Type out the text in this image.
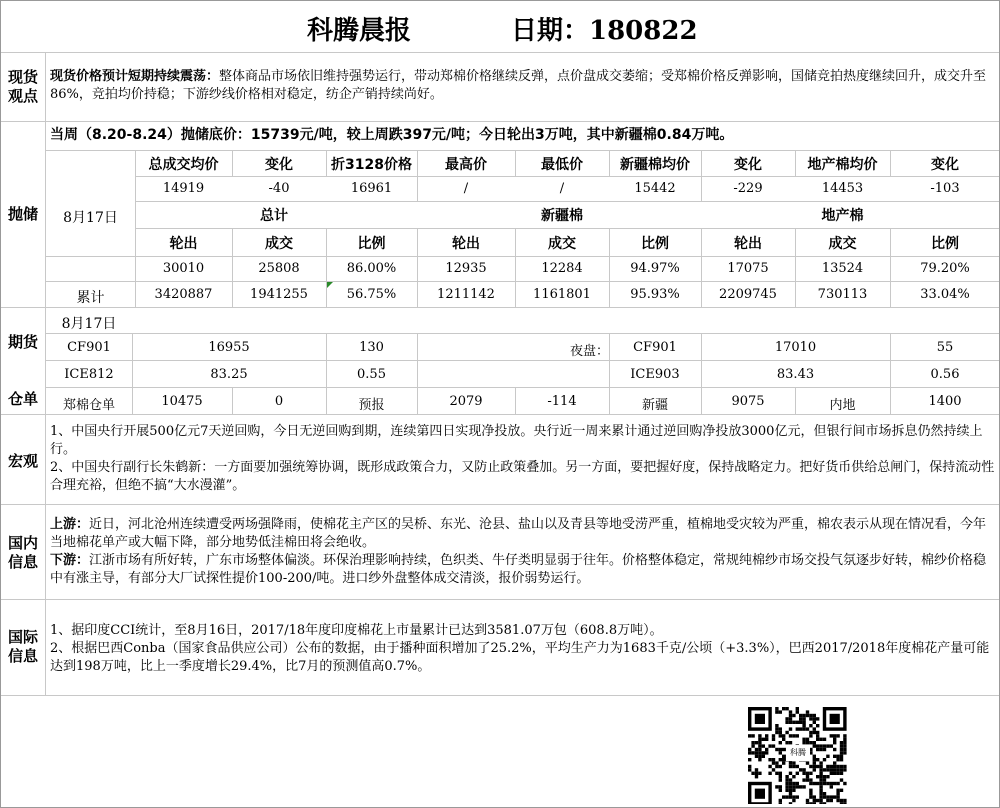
科腾晨报	日期：180822
现货
观点
现货价格预计短期持续震荡：整体商品市场依旧维持强势运行，带动郑棉价格继续反弹，点价盘成交萎缩；受郑棉价格反弹影响，国储竞拍热度继续回升，成交升至86%，竞拍均价持稳；下游纱线价格相对稳定，纺企产销持续尚好。
抛储
当周（8.20-8.24）抛储底价：15739元/吨，较上周跌397元/吨；今日轮出3万吨，其中新疆棉0.84万吨。
8月17日
总成交均价	变化	折3128价格	最高价	最低价	新疆棉均价	变化	地产棉均价	变化
14919	-40	16961	/	/	15442	-229	14453	-103
总计	新疆棉	地产棉
轮出	成交	比例	轮出	成交	比例	轮出	成交	比例
30010	25808	86.00%	12935	12284	94.97%	17075	13524	79.20%
累计	3420887	1941255	56.75%	1211142	1161801	95.93%	2209745	730113	33.04%
8月17日
期货	CF901	16955	130	夜盘：	CF901	17010	55
ICE812	83.25	0.55	ICE903	83.43	0.56
仓单	郑棉仓单	10475	0	预报	2079	-114	新疆	9075	内地	1400
宏观
1、中国央行开展500亿元7天逆回购，今日无逆回购到期，连续第四日实现净投放。央行近一周来累计通过逆回购净投放3000亿元，但银行间市场拆息仍然持续上行。
2、中国央行副行长朱鹤新：一方面要加强统筹协调，既形成政策合力，又防止政策叠加。另一方面，要把握好度，保持战略定力。把好货币供给总闸门，保持流动性合理充裕，但绝不搞“大水漫灌”。
国内
信息
上游：近日，河北沧州连续遭受两场强降雨，使棉花主产区的吴桥、东光、沧县、盐山以及青县等地受涝严重，植棉地受灾较为严重，棉农表示从现在情况看，今年当地棉花单产或大幅下降，部分地势低洼棉田将会绝收。
下游：江浙市场有所好转，广东市场整体偏淡。环保治理影响持续，色织类、牛仔类明显弱于往年。价格整体稳定，常规纯棉纱市场交投气氛逐步好转，棉纱价格稳中有涨主导，有部分大厂试探性提价100-200/吨。进口纱外盘整体成交清淡，报价弱势运行。
国际
信息
1、据印度CCI统计，至8月16日，2017/18年度印度棉花上市量累计已达到3581.07万包（608.8万吨）。
2、根据巴西Conba（国家食品供应公司）公布的数据，由于播种面积增加了25.2%，平均生产力为1683千克/公顷（+3.3%），巴西2017/2018年度棉花产量可能达到198万吨，比上一季度增长29.4%，比7月的预测值高0.7%。
科腾
